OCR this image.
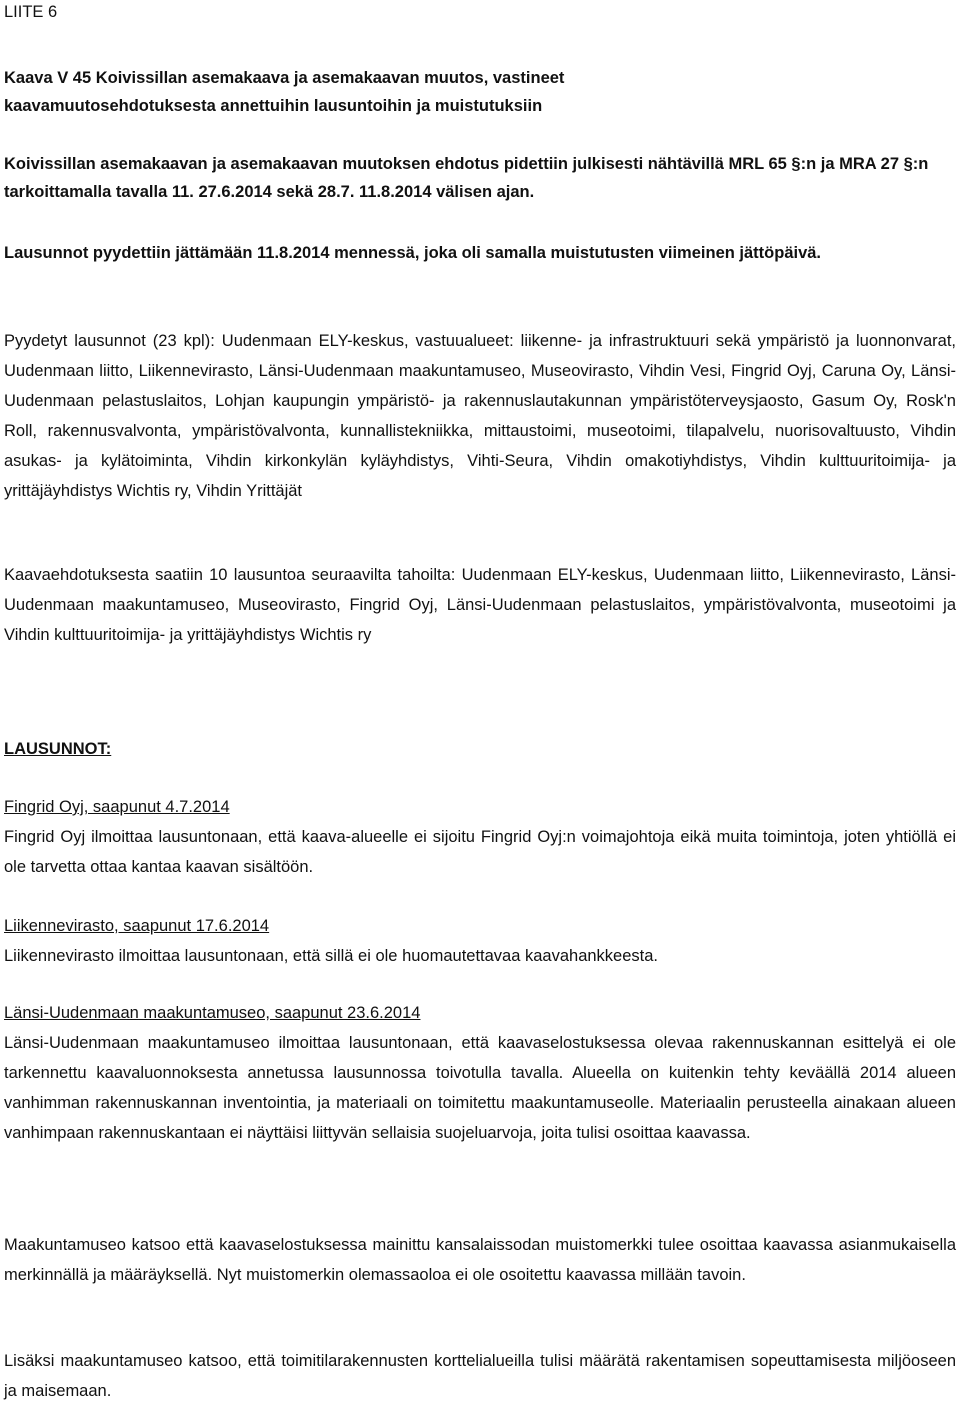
LIITE 6
Kaava V 45 Koivissillan asemakaava ja asemakaavan muutos, vastineet
kaavamuutosehdotuksesta annettuihin lausuntoihin ja muistutuksiin

Koivissillan asemakaavan ja asemakaavan muutoksen ehdotus pidettiin julkisesti nähtävillä MRL 65 §:n ja MRA 27 §:n tarkoittamalla tavalla 11. 27.6.2014 sekä 28.7. 11.8.2014 välisen ajan.

Lausunnot pyydettiin jättämään 11.8.2014 mennessä, joka oli samalla muistutusten viimeinen jättöpäivä.

Pyydetyt lausunnot (23 kpl): Uudenmaan ELY-keskus, vastuualueet: liikenne- ja infrastruktuuri sekä ympäristö ja luonnonvarat, Uudenmaan liitto, Liikennevirasto, Länsi-Uudenmaan maakuntamuseo, Museovirasto, Vihdin Vesi, Fingrid Oyj, Caruna Oy, Länsi-Uudenmaan pelastuslaitos, Lohjan kaupungin ympäristö- ja rakennuslautakunnan ympäristöterveysjaosto, Gasum Oy, Rosk'n Roll, rakennusvalvonta, ympäristövalvonta, kunnallistekniikka, mittaustoimi, museotoimi, tilapalvelu, nuorisovaltuusto, Vihdin asukas- ja kylätoiminta, Vihdin kirkonkylän kyläyhdistys, Vihti-Seura, Vihdin omakotiyhdistys, Vihdin kulttuuritoimija- ja yrittäjäyhdistys Wichtis ry, Vihdin Yrittäjät

Kaavaehdotuksesta saatiin 10 lausuntoa seuraavilta tahoilta: Uudenmaan ELY-keskus, Uudenmaan liitto, Liikennevirasto, Länsi-Uudenmaan maakuntamuseo, Museovirasto, Fingrid Oyj, Länsi-Uudenmaan pelastuslaitos, ympäristövalvonta, museotoimi ja Vihdin kulttuuritoimija- ja yrittäjäyhdistys Wichtis ry

LAUSUNNOT:
Fingrid Oyj, saapunut 4.7.2014

Fingrid Oyj ilmoittaa lausuntonaan, että kaava-alueelle ei sijoitu Fingrid Oyj:n voimajohtoja eikä muita toimintoja, joten yhtiöllä ei ole tarvetta ottaa kantaa kaavan sisältöön.

Liikennevirasto, saapunut 17.6.2014

Liikennevirasto ilmoittaa lausuntonaan, että sillä ei ole huomautettavaa kaavahankkeesta.

Länsi-Uudenmaan maakuntamuseo, saapunut 23.6.2014

Länsi-Uudenmaan maakuntamuseo ilmoittaa lausuntonaan, että kaavaselostuksessa olevaa rakennuskannan esittelyä ei ole tarkennettu kaavaluonnoksesta annetussa lausunnossa toivotulla tavalla. Alueella on kuitenkin tehty keväällä 2014 alueen vanhimman rakennuskannan inventointia, ja materiaali on toimitettu maakuntamuseolle. Materiaalin perusteella ainakaan alueen vanhimpaan rakennuskantaan ei näyttäisi liittyvän sellaisia suojeluarvoja, joita tulisi osoittaa kaavassa.

Maakuntamuseo katsoo että kaavaselostuksessa mainittu kansalaissodan muistomerkki tulee osoittaa kaavassa asianmukaisella merkinnällä ja määräyksellä. Nyt muistomerkin olemassaoloa ei ole osoitettu kaavassa millään tavoin.

Lisäksi maakuntamuseo katsoo, että toimitilarakennusten korttelialueilla tulisi määrätä rakentamisen sopeuttamisesta miljöoseen ja maisemaan.
